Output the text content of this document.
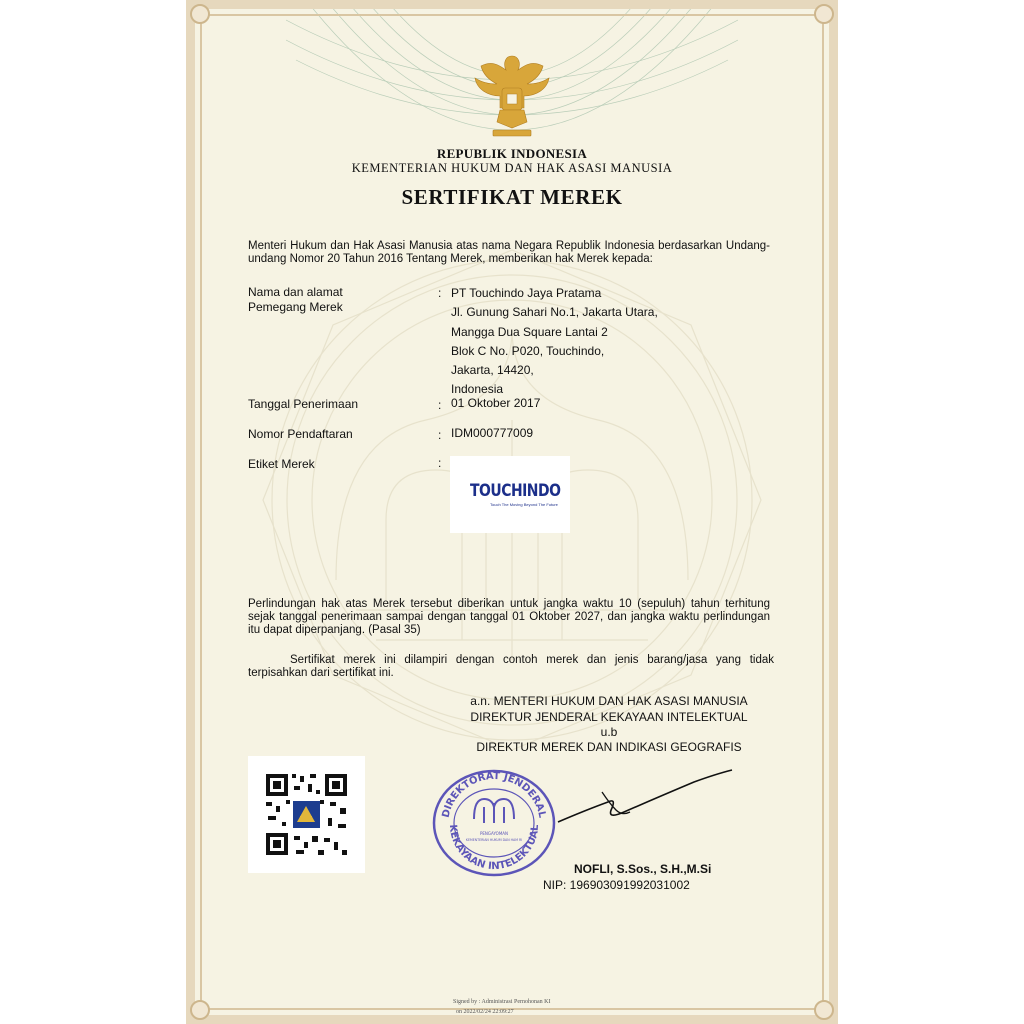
REPUBLIK INDONESIA
KEMENTERIAN HUKUM DAN HAK ASASI MANUSIA
SERTIFIKAT MEREK
Menteri Hukum dan Hak Asasi Manusia atas nama Negara Republik Indonesia berdasarkan Undang-undang Nomor 20 Tahun 2016 Tentang Merek, memberikan hak Merek kepada:
Nama dan alamat
Pemegang Merek
: PT Touchindo Jaya Pratama
Jl. Gunung Sahari No.1, Jakarta Utara,
Mangga Dua Square Lantai 2
Blok C No. P020, Touchindo,
Jakarta, 14420,
Indonesia
Tanggal Penerimaan	: 01 Oktober 2017
Nomor Pendaftaran	: IDM000777009
Etiket Merek	:
TOUCHINDO
Touch The Moving Beyond The Future
Perlindungan hak atas Merek tersebut diberikan untuk jangka waktu 10 (sepuluh) tahun terhitung sejak tanggal penerimaan sampai dengan tanggal 01 Oktober 2027, dan jangka waktu perlindungan itu dapat diperpanjang. (Pasal 35)
Sertifikat merek ini dilampiri dengan contoh merek dan jenis barang/jasa yang tidak terpisahkan dari sertifikat ini.
a.n. MENTERI HUKUM DAN HAK ASASI MANUSIA
DIREKTUR JENDERAL KEKAYAAN INTELEKTUAL
u.b
DIREKTUR MEREK DAN INDIKASI GEOGRAFIS
DIREKTORAT JENDERAL
KEKAYAAN INTELEKTUAL
PENGAYOMAN
KEMENTERIAN HUKUM DAN HAM RI
NOFLI, S.Sos., S.H.,M.Si
NIP: 196903091992031002
Signed by : Administrasi Pernohonan KI
on 2022/02/24 22:09:27
